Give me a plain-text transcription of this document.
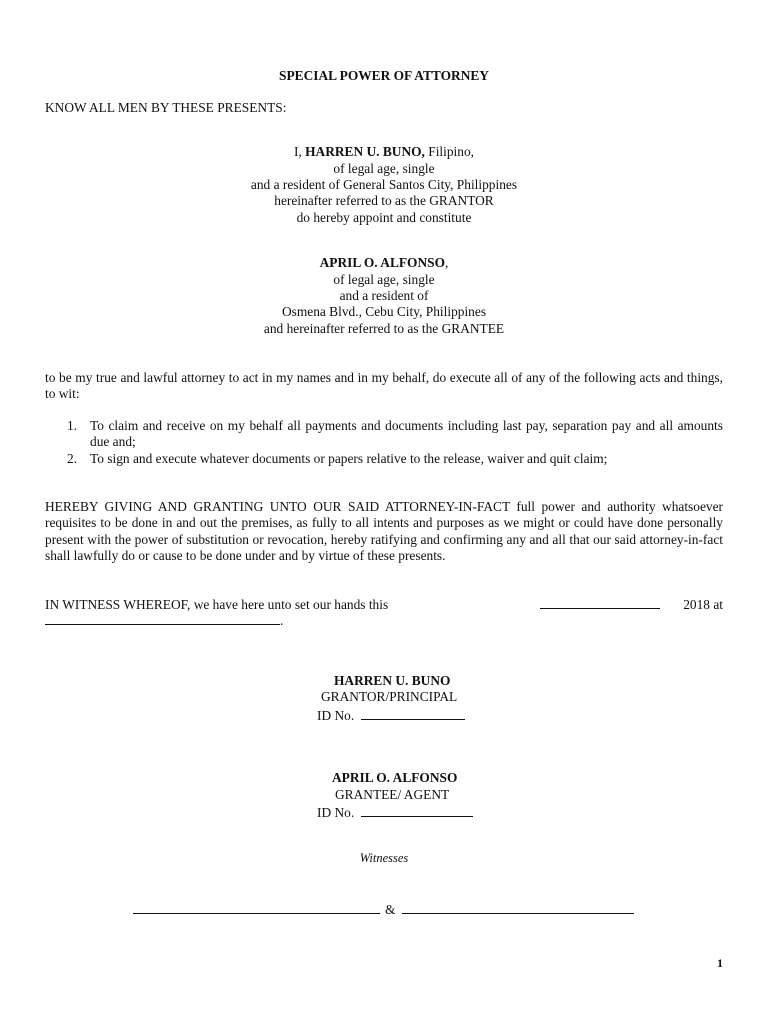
SPECIAL POWER OF ATTORNEY
KNOW ALL MEN BY THESE PRESENTS:
I, HARREN U. BUNO, Filipino,
of legal age, single
and a resident of General Santos City, Philippines
hereinafter referred to as the GRANTOR
do hereby appoint and constitute
APRIL O. ALFONSO,
of legal age, single
and a resident of
Osmena Blvd., Cebu City, Philippines
and hereinafter referred to as the GRANTEE
to be my true and lawful attorney to act in my names and in my behalf, do execute all of any of the following acts and things, to wit:
1. To claim and receive on my behalf all payments and documents including last pay, separation pay and all amounts due and;
2. To sign and execute whatever documents or papers relative to the release, waiver and quit claim;
HEREBY GIVING AND GRANTING UNTO OUR SAID ATTORNEY-IN-FACT full power and authority whatsoever requisites to be done in and out the premises, as fully to all intents and purposes as we might or could have done personally present with the power of substitution or revocation, hereby ratifying and confirming any and all that our said attorney-in-fact shall lawfully do or cause to be done under and by virtue of these presents.
IN WITNESS WHEREOF, we have here unto set our hands this	2018 at
.
HARREN U. BUNO
GRANTOR/PRINCIPAL
ID No.
APRIL O. ALFONSO
GRANTEE/ AGENT
ID No.
Witnesses
&
1
